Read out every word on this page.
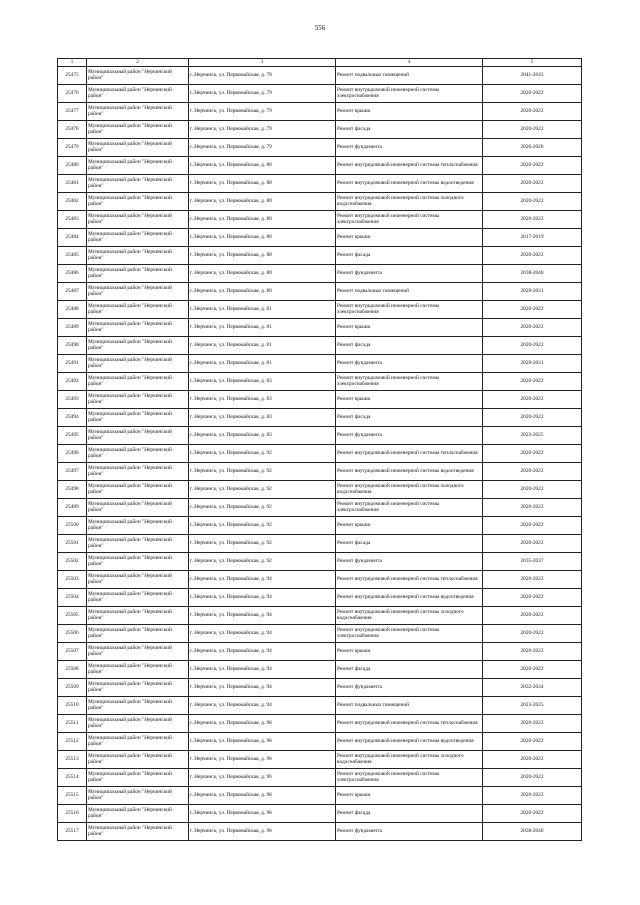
556
1	2	3	4	5
25475	Муниципальный район "Нерчинский район"	г. Нерчинск, ул. Первомайская, д. 78	Ремонт подвальных помещений	2041-2043
25476	Муниципальный район "Нерчинский район"	г. Нерчинск, ул. Первомайская, д. 79	Ремонт внутридомовой инженерной системы электроснабжения	2020-2022
25477	Муниципальный район "Нерчинский район"	г. Нерчинск, ул. Первомайская, д. 79	Ремонт крыши	2020-2022
25478	Муниципальный район "Нерчинский район"	г. Нерчинск, ул. Первомайская, д. 79	Ремонт фасада	2020-2022
25479	Муниципальный район "Нерчинский район"	г. Нерчинск, ул. Первомайская, д. 79	Ремонт фундамента	2026-2028
25480	Муниципальный район "Нерчинский район"	г. Нерчинск, ул. Первомайская, д. 80	Ремонт внутридомовой инженерной системы теплоснабжения	2020-2022
25481	Муниципальный район "Нерчинский район"	г. Нерчинск, ул. Первомайская, д. 80	Ремонт внутридомовой инженерной системы водоотведения	2020-2022
25482	Муниципальный район "Нерчинский район"	г. Нерчинск, ул. Первомайская, д. 80	Ремонт внутридомовой инженерной системы холодного водоснабжения	2020-2022
25483	Муниципальный район "Нерчинский район"	г. Нерчинск, ул. Первомайская, д. 80	Ремонт внутридомовой инженерной системы электроснабжения	2020-2022
25484	Муниципальный район "Нерчинский район"	г. Нерчинск, ул. Первомайская, д. 80	Ремонт крыши	2017-2019
25485	Муниципальный район "Нерчинский район"	г. Нерчинск, ул. Первомайская, д. 80	Ремонт фасада	2020-2022
25486	Муниципальный район "Нерчинский район"	г. Нерчинск, ул. Первомайская, д. 80	Ремонт фундамента	2038-2040
25487	Муниципальный район "Нерчинский район"	г. Нерчинск, ул. Первомайская, д. 80	Ремонт подвальных помещений	2029-2031
25488	Муниципальный район "Нерчинский район"	г. Нерчинск, ул. Первомайская, д. 81	Ремонт внутридомовой инженерной системы электроснабжения	2020-2022
25489	Муниципальный район "Нерчинский район"	г. Нерчинск, ул. Первомайская, д. 81	Ремонт крыши	2020-2022
25490	Муниципальный район "Нерчинский район"	г. Нерчинск, ул. Первомайская, д. 81	Ремонт фасада	2020-2022
25491	Муниципальный район "Нерчинский район"	г. Нерчинск, ул. Первомайская, д. 81	Ремонт фундамента	2029-2031
25492	Муниципальный район "Нерчинский район"	г. Нерчинск, ул. Первомайская, д. 83	Ремонт внутридомовой инженерной системы электроснабжения	2020-2022
25493	Муниципальный район "Нерчинский район"	г. Нерчинск, ул. Первомайская, д. 83	Ремонт крыши	2020-2022
25494	Муниципальный район "Нерчинский район"	г. Нерчинск, ул. Первомайская, д. 83	Ремонт фасада	2020-2022
25495	Муниципальный район "Нерчинский район"	г. Нерчинск, ул. Первомайская, д. 83	Ремонт фундамента	2023-2025
25496	Муниципальный район "Нерчинский район"	г. Нерчинск, ул. Первомайская, д. 92	Ремонт внутридомовой инженерной системы теплоснабжения	2020-2022
25497	Муниципальный район "Нерчинский район"	г. Нерчинск, ул. Первомайская, д. 92	Ремонт внутридомовой инженерной системы водоотведения	2020-2022
25498	Муниципальный район "Нерчинский район"	г. Нерчинск, ул. Первомайская, д. 92	Ремонт внутридомовой инженерной системы холодного водоснабжения	2020-2022
25499	Муниципальный район "Нерчинский район"	г. Нерчинск, ул. Первомайская, д. 92	Ремонт внутридомовой инженерной системы электроснабжения	2020-2022
25500	Муниципальный район "Нерчинский район"	г. Нерчинск, ул. Первомайская, д. 92	Ремонт крыши	2020-2022
25501	Муниципальный район "Нерчинский район"	г. Нерчинск, ул. Первомайская, д. 92	Ремонт фасада	2020-2022
25502	Муниципальный район "Нерчинский район"	г. Нерчинск, ул. Первомайская, д. 92	Ремонт фундамента	2035-2037
25503	Муниципальный район "Нерчинский район"	г. Нерчинск, ул. Первомайская, д. 94	Ремонт внутридомовой инженерной системы теплоснабжения	2020-2022
25504	Муниципальный район "Нерчинский район"	г. Нерчинск, ул. Первомайская, д. 94	Ремонт внутридомовой инженерной системы водоотведения	2020-2022
25505	Муниципальный район "Нерчинский район"	г. Нерчинск, ул. Первомайская, д. 94	Ремонт внутридомовой инженерной системы холодного водоснабжения	2020-2022
25506	Муниципальный район "Нерчинский район"	г. Нерчинск, ул. Первомайская, д. 94	Ремонт внутридомовой инженерной системы электроснабжения	2020-2022
25507	Муниципальный район "Нерчинский район"	г. Нерчинск, ул. Первомайская, д. 94	Ремонт крыши	2020-2022
25508	Муниципальный район "Нерчинский район"	г. Нерчинск, ул. Первомайская, д. 94	Ремонт фасада	2020-2022
25509	Муниципальный район "Нерчинский район"	г. Нерчинск, ул. Первомайская, д. 94	Ремонт фундамента	2032-2034
25510	Муниципальный район "Нерчинский район"	г. Нерчинск, ул. Первомайская, д. 94	Ремонт подвальных помещений	2023-2025
25511	Муниципальный район "Нерчинский район"	г. Нерчинск, ул. Первомайская, д. 96	Ремонт внутридомовой инженерной системы теплоснабжения	2020-2022
25512	Муниципальный район "Нерчинский район"	г. Нерчинск, ул. Первомайская, д. 96	Ремонт внутридомовой инженерной системы водоотведения	2020-2022
25513	Муниципальный район "Нерчинский район"	г. Нерчинск, ул. Первомайская, д. 96	Ремонт внутридомовой инженерной системы холодного водоснабжения	2020-2022
25514	Муниципальный район "Нерчинский район"	г. Нерчинск, ул. Первомайская, д. 96	Ремонт внутридомовой инженерной системы электроснабжения	2020-2022
25515	Муниципальный район "Нерчинский район"	г. Нерчинск, ул. Первомайская, д. 96	Ремонт крыши	2020-2022
25516	Муниципальный район "Нерчинский район"	г. Нерчинск, ул. Первомайская, д. 96	Ремонт фасада	2020-2022
25517	Муниципальный район "Нерчинский район"	г. Нерчинск, ул. Первомайская, д. 96	Ремонт фундамента	2038-2040
